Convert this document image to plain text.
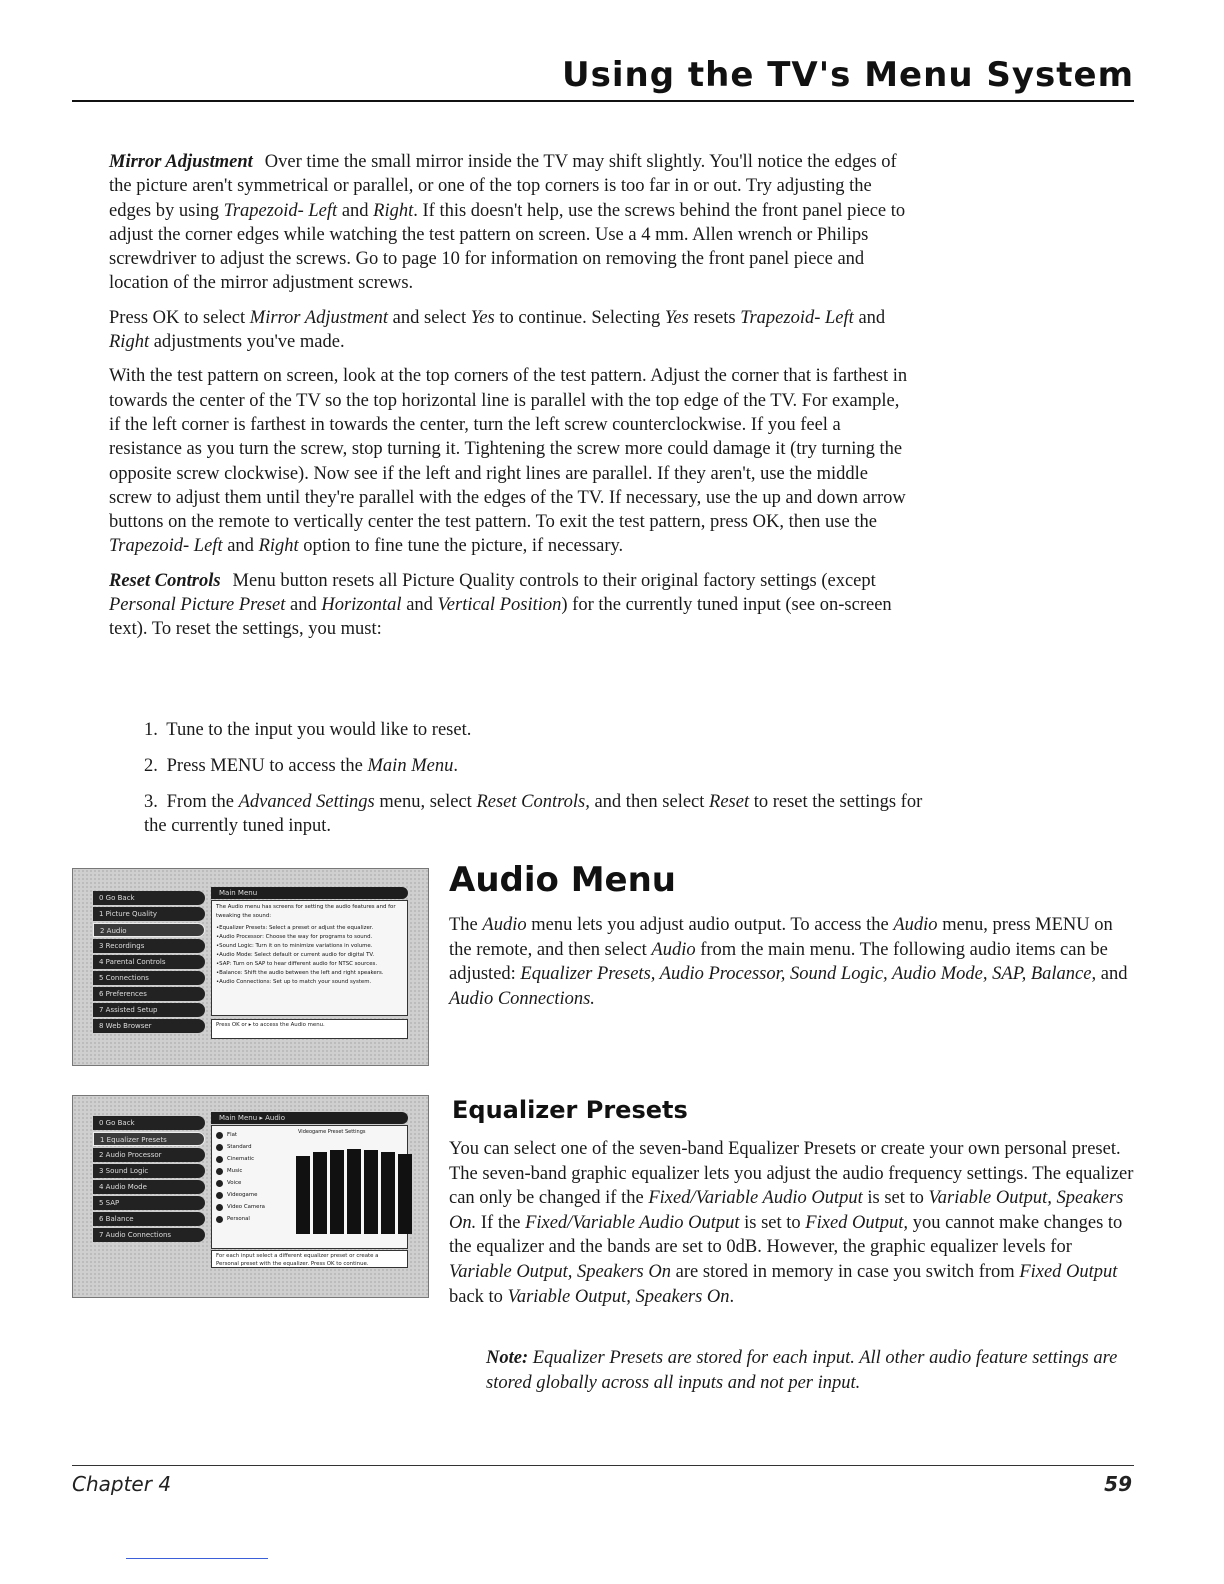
Using the TV's Menu System

Mirror Adjustment Over time the small mirror inside the TV may shift slightly. You'll notice the edges of the picture aren't symmetrical or parallel, or one of the top corners is too far in or out. Try adjusting the edges by using Trapezoid- Left and Right. If this doesn't help, use the screws behind the front panel piece to adjust the corner edges while watching the test pattern on screen. Use a 4 mm. Allen wrench or Philips screwdriver to adjust the screws. Go to page 10 for information on removing the front panel piece and location of the mirror adjustment screws.

Press OK to select Mirror Adjustment and select Yes to continue. Selecting Yes resets Trapezoid- Left and Right adjustments you've made.

With the test pattern on screen, look at the top corners of the test pattern. Adjust the corner that is farthest in towards the center of the TV so the top horizontal line is parallel with the top edge of the TV. For example, if the left corner is farthest in towards the center, turn the left screw counterclockwise. If you feel a resistance as you turn the screw, stop turning it. Tightening the screw more could damage it (try turning the opposite screw clockwise). Now see if the left and right lines are parallel. If they aren't, use the middle screw to adjust them until they're parallel with the edges of the TV. If necessary, use the up and down arrow buttons on the remote to vertically center the test pattern. To exit the test pattern, press OK, then use the Trapezoid- Left and Right option to fine tune the picture, if necessary.

Reset Controls Menu button resets all Picture Quality controls to their original factory settings (except Personal Picture Preset and Horizontal and Vertical Position) for the currently tuned input (see on-screen text). To reset the settings, you must:

1. Tune to the input you would like to reset.
2. Press MENU to access the Main Menu.
3. From the Advanced Settings menu, select Reset Controls, and then select Reset to reset the settings for the currently tuned input.
Main Menu
0 Go Back
1 Picture Quality
2 Audio
3 Recordings
4 Parental Controls
5 Connections
6 Preferences
7 Assisted Setup
8 Web Browser
The Audio menu has screens for setting the audio features and for tweaking the sound:
•Equalizer Presets: Select a preset or adjust the equalizer.
•Audio Processor: Choose the way for programs to sound.
•Sound Logic: Turn it on to minimize variations in volume.
•Audio Mode: Select default or current audio for digital TV.
•SAP: Turn on SAP to hear different audio for NTSC sources.
•Balance: Shift the audio between the left and right speakers.
•Audio Connections: Set up to match your sound system.
Press OK or ▸ to access the Audio menu.
Audio Menu
The Audio menu lets you adjust audio output. To access the Audio menu, press MENU on the remote, and then select Audio from the main menu. The following audio items can be adjusted: Equalizer Presets, Audio Processor, Sound Logic, Audio Mode, SAP, Balance, and Audio Connections.
Main Menu ▸ Audio
0 Go Back
1 Equalizer Presets
2 Audio Processor
3 Sound Logic
4 Audio Mode
5 SAP
6 Balance
7 Audio Connections
Flat
Standard
Cinematic
Music
Voice
Videogame
Video Camera
Personal
Videogame Preset Settings
For each input select a different equalizer preset or create a Personal preset with the equalizer. Press OK to continue.
Equalizer Presets
You can select one of the seven-band Equalizer Presets or create your own personal preset. The seven-band graphic equalizer lets you adjust the audio frequency settings. The equalizer can only be changed if the Fixed/Variable Audio Output is set to Variable Output, Speakers On. If the Fixed/Variable Audio Output is set to Fixed Output, you cannot make changes to the equalizer and the bands are set to 0dB. However, the graphic equalizer levels for Variable Output, Speakers On are stored in memory in case you switch from Fixed Output back to Variable Output, Speakers On.
Note: Equalizer Presets are stored for each input. All other audio feature settings are stored globally across all inputs and not per input.
Chapter 4	59
